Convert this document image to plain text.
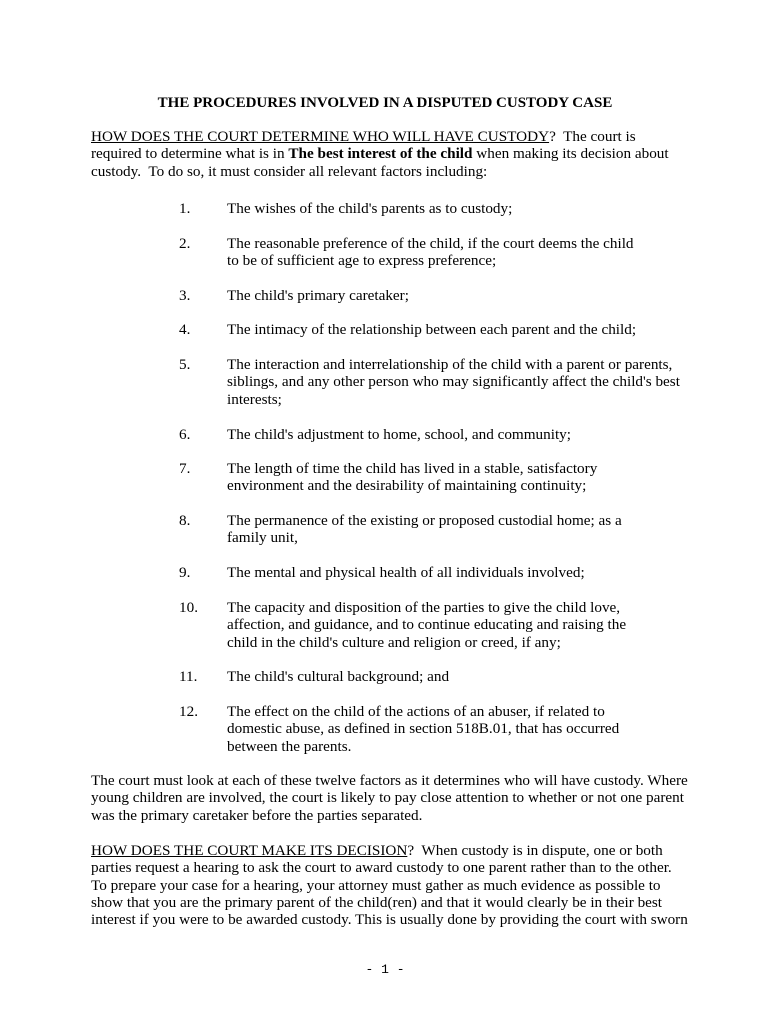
THE PROCEDURES INVOLVED IN A DISPUTED CUSTODY CASE
HOW DOES THE COURT DETERMINE WHO WILL HAVE CUSTODY?  The court is
required to determine what is in The best interest of the child when making its decision about
custody.  To do so, it must consider all relevant factors including:
1. The wishes of the child's parents as to custody;
2. The reasonable preference of the child, if the court deems the child
to be of sufficient age to express preference;
3. The child's primary caretaker;
4. The intimacy of the relationship between each parent and the child;
5. The interaction and interrelationship of the child with a parent or parents,
siblings, and any other person who may significantly affect the child's best
interests;
6. The child's adjustment to home, school, and community;
7. The length of time the child has lived in a stable, satisfactory
environment and the desirability of maintaining continuity;
8. The permanence of the existing or proposed custodial home; as a
family unit,
9. The mental and physical health of all individuals involved;
10. The capacity and disposition of the parties to give the child love,
affection, and guidance, and to continue educating and raising the
child in the child's culture and religion or creed, if any;
11. The child's cultural background; and
12. The effect on the child of the actions of an abuser, if related to
domestic abuse, as defined in section 518B.01, that has occurred
between the parents.
The court must look at each of these twelve factors as it determines who will have custody. Where
young children are involved, the court is likely to pay close attention to whether or not one parent
was the primary caretaker before the parties separated.
HOW DOES THE COURT MAKE ITS DECISION?  When custody is in dispute, one or both
parties request a hearing to ask the court to award custody to one parent rather than to the other.
To prepare your case for a hearing, your attorney must gather as much evidence as possible to
show that you are the primary parent of the child(ren) and that it would clearly be in their best
interest if you were to be awarded custody. This is usually done by providing the court with sworn
- 1 -
